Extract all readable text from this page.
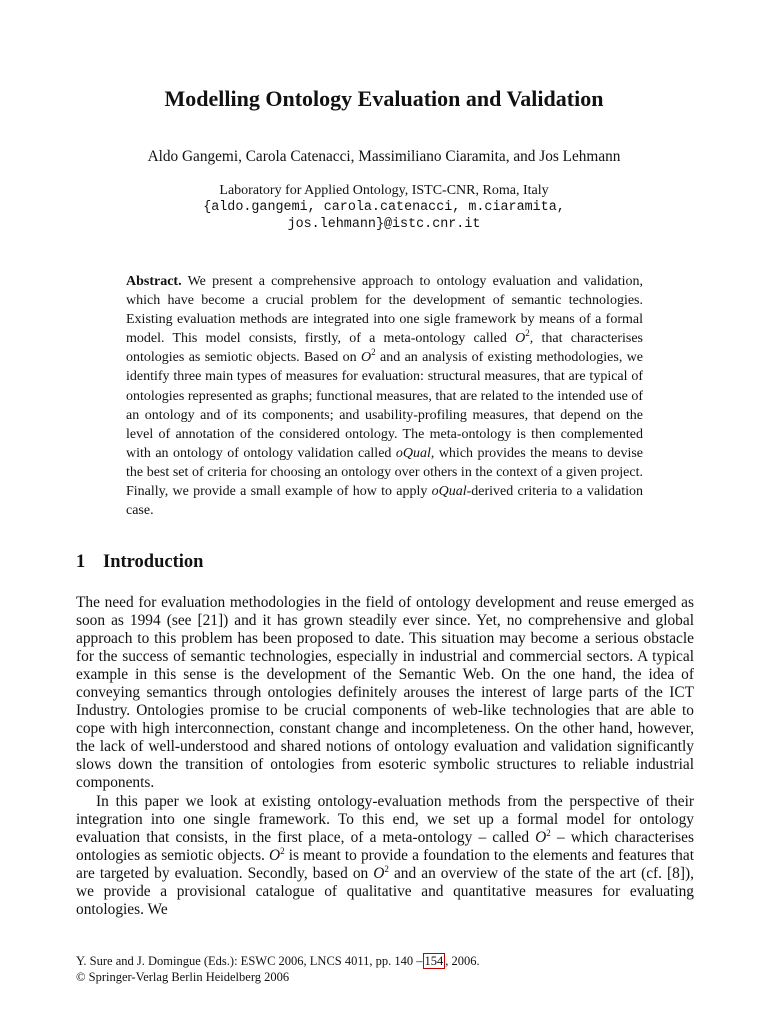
Modelling Ontology Evaluation and Validation
Aldo Gangemi, Carola Catenacci, Massimiliano Ciaramita, and Jos Lehmann
Laboratory for Applied Ontology, ISTC-CNR, Roma, Italy
{aldo.gangemi, carola.catenacci, m.ciaramita,
jos.lehmann}@istc.cnr.it
Abstract. We present a comprehensive approach to ontology evaluation and validation, which have become a crucial problem for the development of semantic technologies. Existing evaluation methods are integrated into one sigle framework by means of a formal model. This model consists, firstly, of a meta-ontology called $O^2$, that characterises ontologies as semiotic objects. Based on $O^2$ and an analysis of existing methodologies, we identify three main types of measures for evaluation: structural measures, that are typical of ontologies represented as graphs; functional measures, that are related to the intended use of an ontology and of its components; and usability-profiling measures, that depend on the level of annotation of the considered ontology. The meta-ontology is then complemented with an ontology of ontology validation called oQual, which provides the means to devise the best set of criteria for choosing an ontology over others in the context of a given project. Finally, we provide a small example of how to apply oQual-derived criteria to a validation case.
1 Introduction

The need for evaluation methodologies in the field of ontology development and reuse emerged as soon as 1994 (see [21]) and it has grown steadily ever since. Yet, no comprehensive and global approach to this problem has been proposed to date. This situation may become a serious obstacle for the success of semantic technologies, especially in industrial and commercial sectors. A typical example in this sense is the development of the Semantic Web. On the one hand, the idea of conveying semantics through ontologies definitely arouses the interest of large parts of the ICT Industry. Ontologies promise to be crucial components of web-like technologies that are able to cope with high interconnection, constant change and incompleteness. On the other hand, however, the lack of well-understood and shared notions of ontology evaluation and validation significantly slows down the transition of ontologies from esoteric symbolic structures to reliable industrial components.

In this paper we look at existing ontology-evaluation methods from the perspective of their integration into one single framework. To this end, we set up a formal model for ontology evaluation that consists, in the first place, of a meta-ontology – called $O^2$ – which characterises ontologies as semiotic objects. $O^2$ is meant to provide a foundation to the elements and features that are targeted by evaluation. Secondly, based on $O^2$ and an overview of the state of the art (cf. [8]), we provide a provisional catalogue of qualitative and quantitative measures for evaluating ontologies. We

Y. Sure and J. Domingue (Eds.): ESWC 2006, LNCS 4011, pp. 140 – 154 , 2006.
© Springer-Verlag Berlin Heidelberg 2006
